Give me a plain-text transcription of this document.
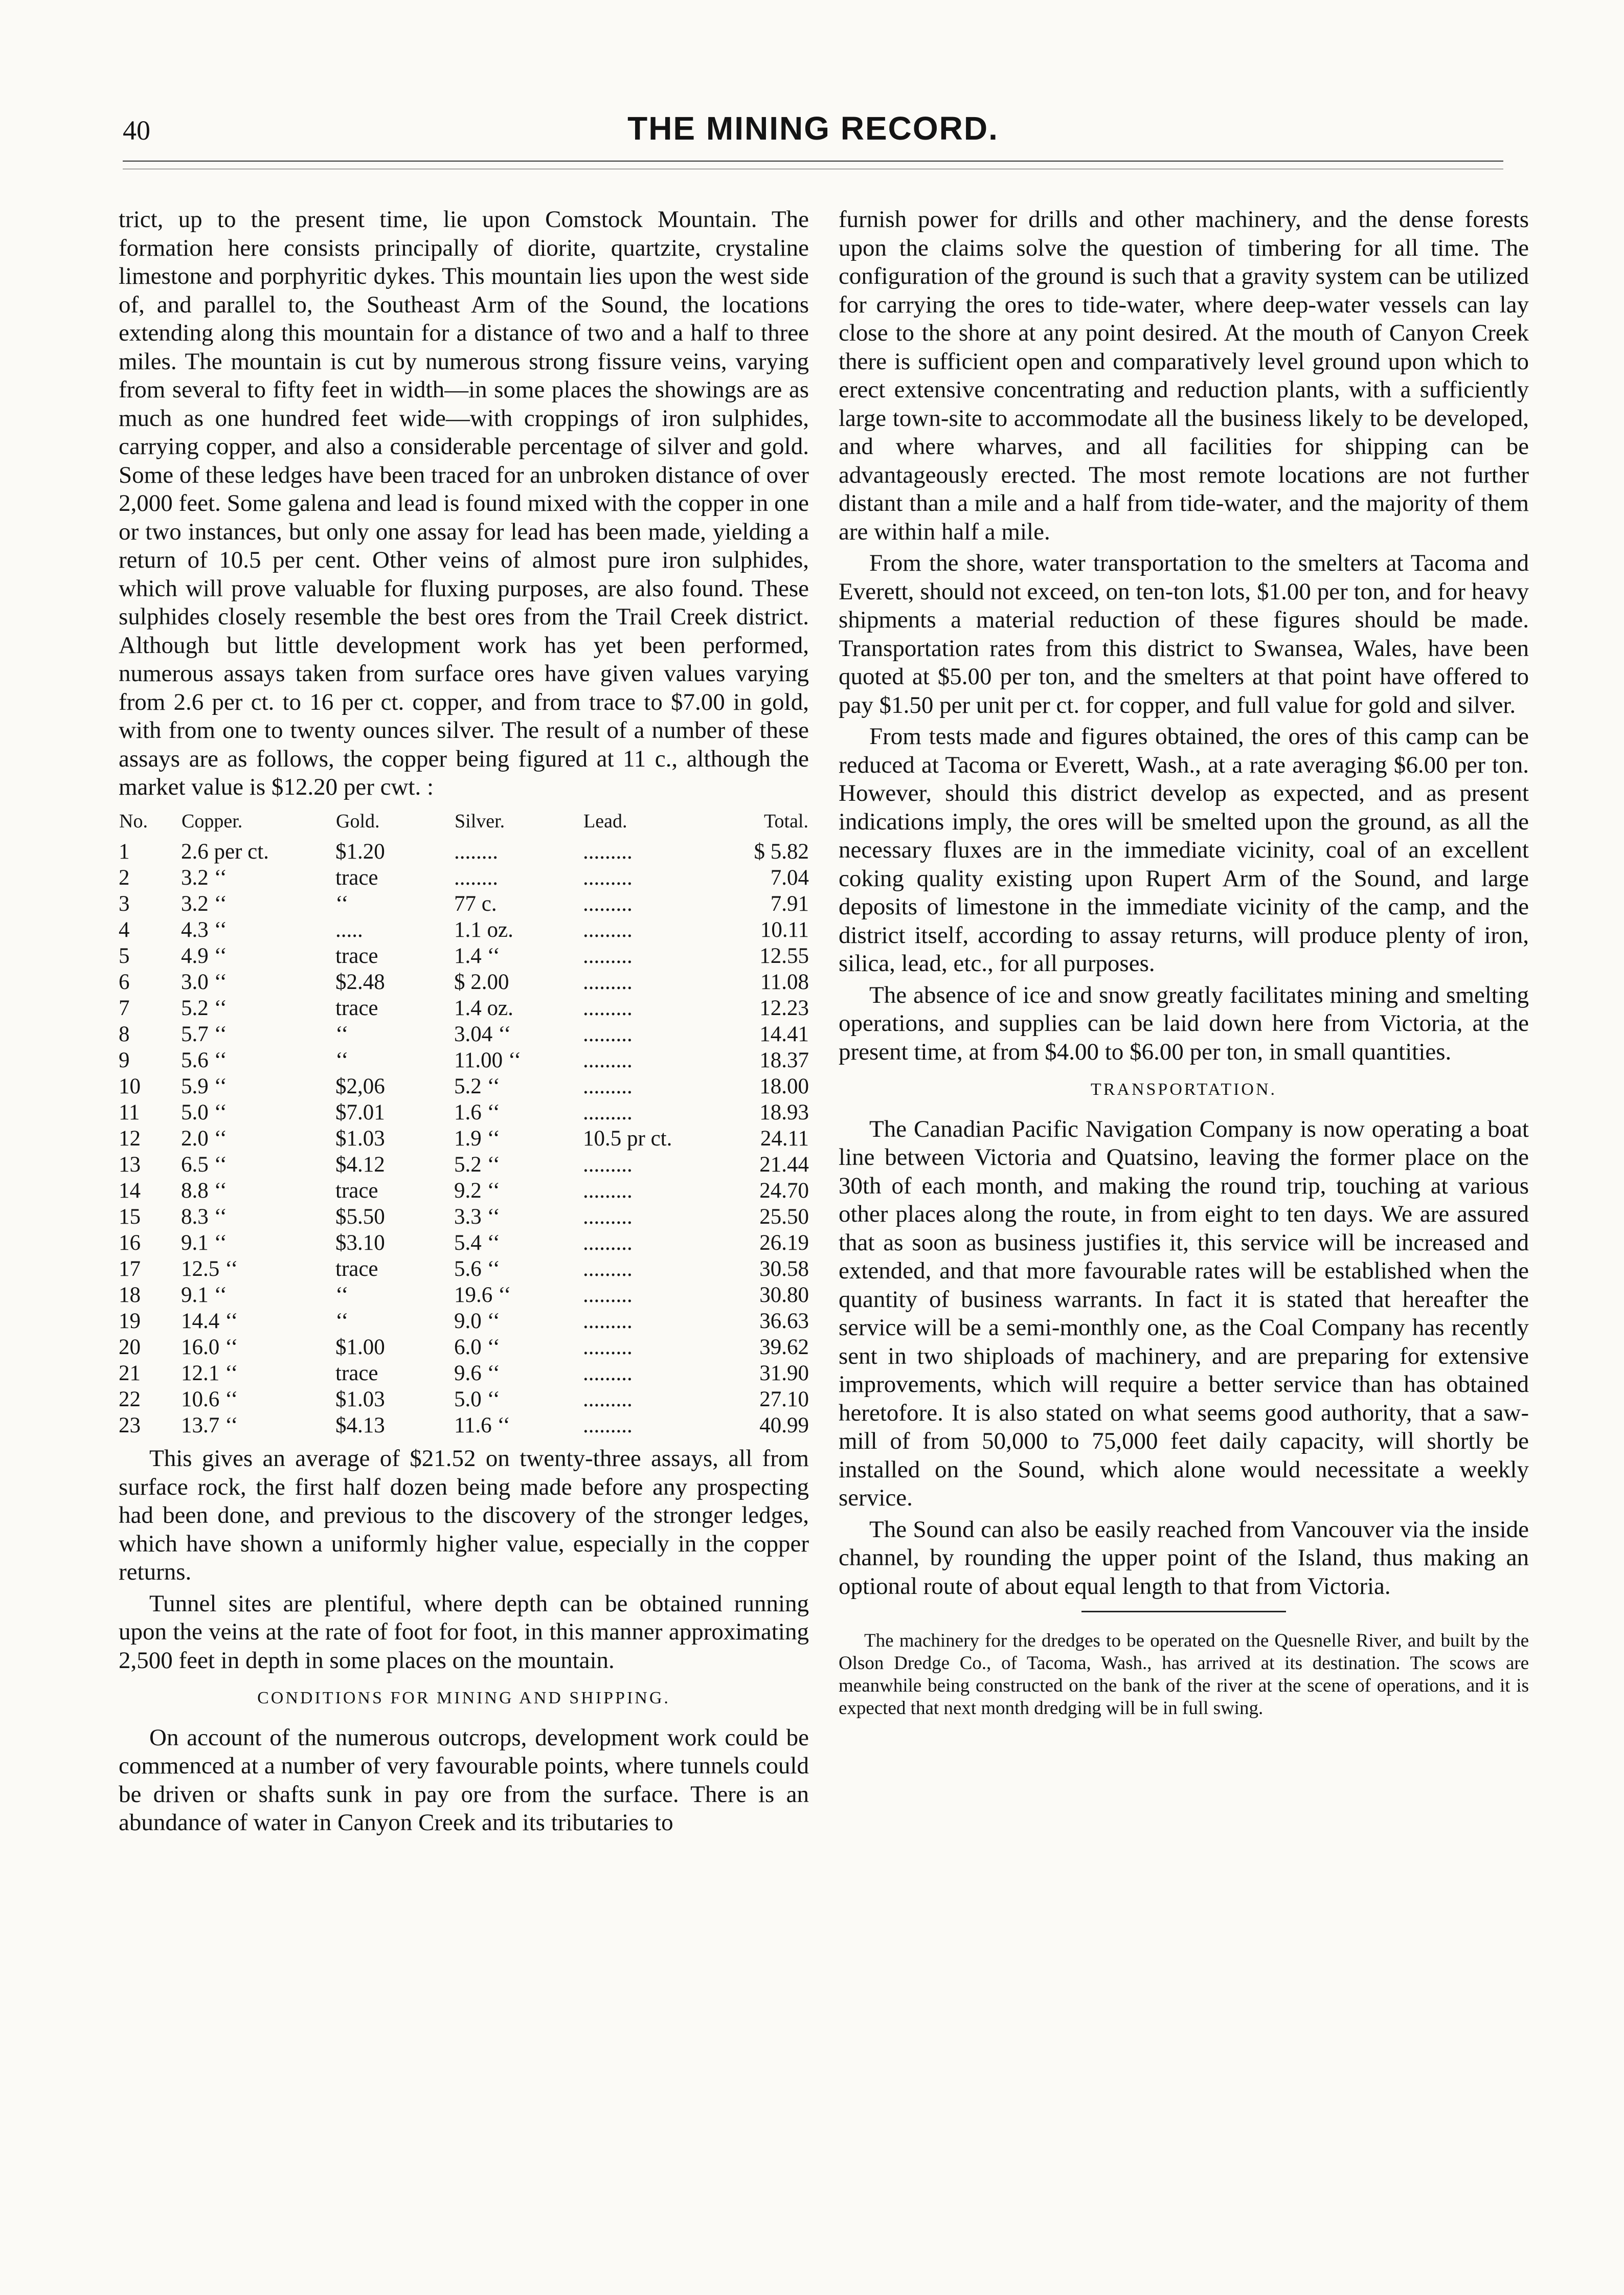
40	THE MINING RECORD.

trict, up to the present time, lie upon Comstock Mountain. The formation here consists principally of diorite, quartzite, crystaline limestone and porphyritic dykes. This mountain lies upon the west side of, and parallel to, the Southeast Arm of the Sound, the locations extending along this mountain for a distance of two and a half to three miles. The mountain is cut by numerous strong fissure veins, varying from several to fifty feet in width—in some places the showings are as much as one hundred feet wide—with croppings of iron sulphides, carrying copper, and also a considerable percentage of silver and gold. Some of these ledges have been traced for an unbroken distance of over 2,000 feet. Some galena and lead is found mixed with the copper in one or two instances, but only one assay for lead has been made, yielding a return of 10.5 per cent. Other veins of almost pure iron sulphides, which will prove valuable for fluxing purposes, are also found. These sulphides closely resemble the best ores from the Trail Creek district. Although but little development work has yet been performed, numerous assays taken from surface ores have given values varying from 2.6 per ct. to 16 per ct. copper, and from trace to $7.00 in gold, with from one to twenty ounces silver. The result of a number of these assays are as follows, the copper being figured at 11 c., although the market value is $12.20 per cwt. :

No.	Copper.	Gold.	Silver.	Lead.	Total.
1	2.6 per ct.	$1.20	........	.........	$ 5.82
2	3.2 ‘‘	trace	........	.........	7.04
3	3.2 ‘‘	‘‘	77 c.	.........	7.91
4	4.3 ‘‘	.....	1.1 oz.	.........	10.11
5	4.9 ‘‘	trace	1.4 ‘‘	.........	12.55
6	3.0 ‘‘	$2.48	$ 2.00	.........	11.08
7	5.2 ‘‘	trace	1.4 oz.	.........	12.23
8	5.7 ‘‘	‘‘	3.04 ‘‘	.........	14.41
9	5.6 ‘‘	‘‘	11.00 ‘‘	.........	18.37
10	5.9 ‘‘	$2,06	5.2 ‘‘	.........	18.00
11	5.0 ‘‘	$7.01	1.6 ‘‘	.........	18.93
12	2.0 ‘‘	$1.03	1.9 ‘‘	10.5 pr ct.	24.11
13	6.5 ‘‘	$4.12	5.2 ‘‘	.........	21.44
14	8.8 ‘‘	trace	9.2 ‘‘	.........	24.70
15	8.3 ‘‘	$5.50	3.3 ‘‘	.........	25.50
16	9.1 ‘‘	$3.10	5.4 ‘‘	.........	26.19
17	12.5 ‘‘	trace	5.6 ‘‘	.........	30.58
18	9.1 ‘‘	‘‘	19.6 ‘‘	.........	30.80
19	14.4 ‘‘	‘‘	9.0 ‘‘	.........	36.63
20	16.0 ‘‘	$1.00	6.0 ‘‘	.........	39.62
21	12.1 ‘‘	trace	9.6 ‘‘	.........	31.90
22	10.6 ‘‘	$1.03	5.0 ‘‘	.........	27.10
23	13.7 ‘‘	$4.13	11.6 ‘‘	.........	40.99

This gives an average of $21.52 on twenty-three assays, all from surface rock, the first half dozen being made before any prospecting had been done, and previous to the discovery of the stronger ledges, which have shown a uniformly higher value, especially in the copper returns.

Tunnel sites are plentiful, where depth can be obtained running upon the veins at the rate of foot for foot, in this manner approximating 2,500 feet in depth in some places on the mountain.

CONDITIONS FOR MINING AND SHIPPING.

On account of the numerous outcrops, development work could be commenced at a number of very favourable points, where tunnels could be driven or shafts sunk in pay ore from the surface. There is an abundance of water in Canyon Creek and its tributaries to

furnish power for drills and other machinery, and the dense forests upon the claims solve the question of timbering for all time. The configuration of the ground is such that a gravity system can be utilized for carrying the ores to tide-water, where deep-water vessels can lay close to the shore at any point desired. At the mouth of Canyon Creek there is sufficient open and comparatively level ground upon which to erect extensive concentrating and reduction plants, with a sufficiently large town-site to accommodate all the business likely to be developed, and where wharves, and all facilities for shipping can be advantageously erected. The most remote locations are not further distant than a mile and a half from tide-water, and the majority of them are within half a mile.

From the shore, water transportation to the smelters at Tacoma and Everett, should not exceed, on ten-ton lots, $1.00 per ton, and for heavy shipments a material reduction of these figures should be made. Transportation rates from this district to Swansea, Wales, have been quoted at $5.00 per ton, and the smelters at that point have offered to pay $1.50 per unit per ct. for copper, and full value for gold and silver.

From tests made and figures obtained, the ores of this camp can be reduced at Tacoma or Everett, Wash., at a rate averaging $6.00 per ton. However, should this district develop as expected, and as present indications imply, the ores will be smelted upon the ground, as all the necessary fluxes are in the immediate vicinity, coal of an excellent coking quality existing upon Rupert Arm of the Sound, and large deposits of limestone in the immediate vicinity of the camp, and the district itself, according to assay returns, will produce plenty of iron, silica, lead, etc., for all purposes.

The absence of ice and snow greatly facilitates mining and smelting operations, and supplies can be laid down here from Victoria, at the present time, at from $4.00 to $6.00 per ton, in small quantities.

TRANSPORTATION.

The Canadian Pacific Navigation Company is now operating a boat line between Victoria and Quatsino, leaving the former place on the 30th of each month, and making the round trip, touching at various other places along the route, in from eight to ten days. We are assured that as soon as business justifies it, this service will be increased and extended, and that more favourable rates will be established when the quantity of business warrants. In fact it is stated that hereafter the service will be a semi-monthly one, as the Coal Company has recently sent in two shiploads of machinery, and are preparing for extensive improvements, which will require a better service than has obtained heretofore. It is also stated on what seems good authority, that a saw-mill of from 50,000 to 75,000 feet daily capacity, will shortly be installed on the Sound, which alone would necessitate a weekly service.

The Sound can also be easily reached from Vancouver via the inside channel, by rounding the upper point of the Island, thus making an optional route of about equal length to that from Victoria.

The machinery for the dredges to be operated on the Quesnelle River, and built by the Olson Dredge Co., of Tacoma, Wash., has arrived at its destination. The scows are meanwhile being constructed on the bank of the river at the scene of operations, and it is expected that next month dredging will be in full swing.
